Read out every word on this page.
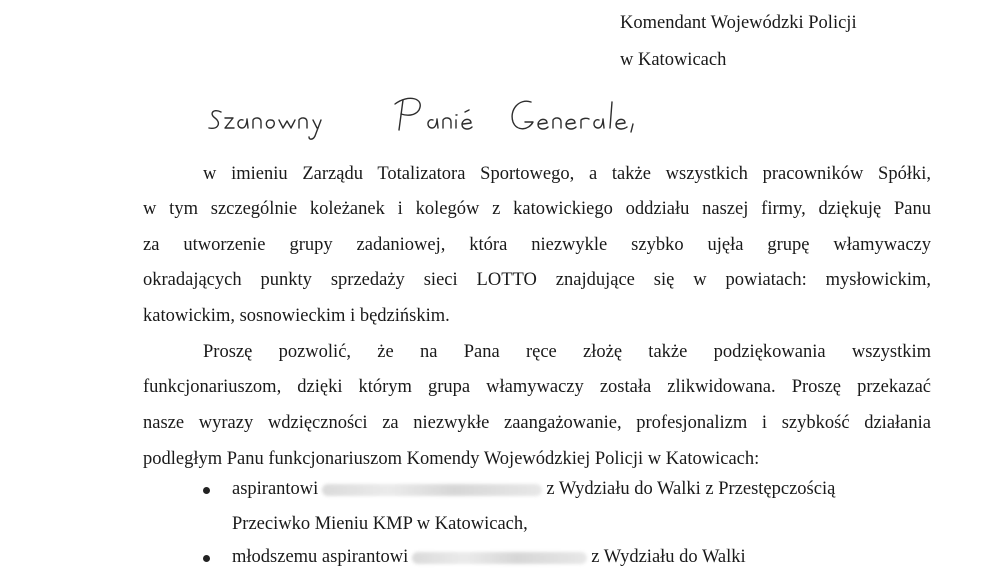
Komendant Wojewódzki Policji
w Katowicach
w imieniu Zarządu Totalizatora Sportowego, a także wszystkich pracowników Spółki,
w tym szczególnie koleżanek i kolegów z katowickiego oddziału naszej firmy, dziękuję Panu
za utworzenie grupy zadaniowej, która niezwykle szybko ujęła grupę włamywaczy
okradających punkty sprzedaży sieci LOTTO znajdujące się w powiatach: mysłowickim,
katowickim, sosnowieckim i będzińskim.
Proszę pozwolić, że na Pana ręce złożę także podziękowania wszystkim
funkcjonariuszom, dzięki którym grupa włamywaczy została zlikwidowana. Proszę przekazać
nasze wyrazy wdzięczności za niezwykłe zaangażowanie, profesjonalizm i szybkość działania
podległym Panu funkcjonariuszom Komendy Wojewódzkiej Policji w Katowicach:
aspirantowi	z Wydziału do Walki z Przestępczością
Przeciwko Mieniu KMP w Katowicach,
młodszemu aspirantowi	z Wydziału do Walki
